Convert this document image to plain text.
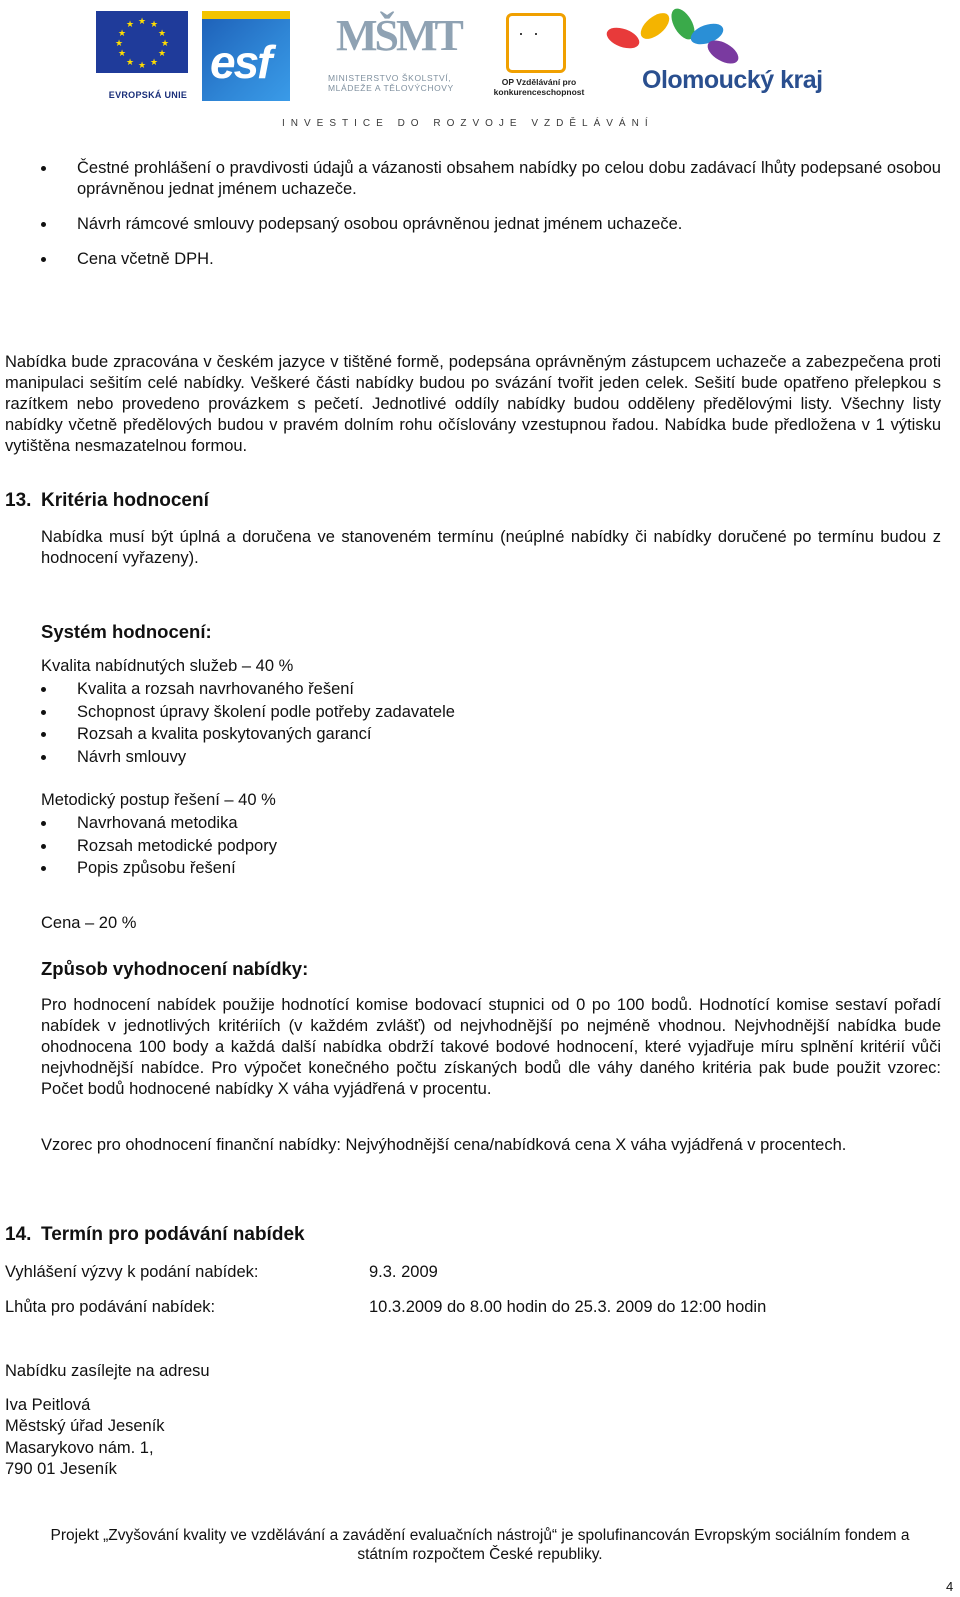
★ ★
★
★
★
★
★
★
★
★
★
★
EVROPSKÁ UNIE
esf
MŠMT
MINISTERSTVO ŠKOLSTVÍ, MLÁDEŽE A TĚLOVÝCHOVY
· ·
OP Vzdělávání pro konkurenceschopnost	Olomoucký kraj
INVESTICE DO ROZVOJE VZDĚLÁVÁNÍ
Čestné prohlášení o pravdivosti údajů a vázanosti obsahem nabídky po celou dobu zadávací lhůty podepsané osobou oprávněnou jednat jménem uchazeče.
Návrh rámcové smlouvy podepsaný osobou oprávněnou jednat jménem uchazeče.
Cena včetně DPH.
Nabídka bude zpracována v českém jazyce v tištěné formě, podepsána oprávněným zástupcem uchazeče a zabezpečena proti manipulaci sešitím celé nabídky. Veškeré části nabídky budou po svázání tvořit jeden celek. Sešití bude opatřeno přelepkou s razítkem nebo provedeno provázkem s pečetí. Jednotlivé oddíly nabídky budou odděleny předělovými listy. Všechny listy nabídky včetně předělových budou v pravém dolním rohu očíslovány vzestupnou řadou. Nabídka bude předložena v 1 výtisku vytištěna nesmazatelnou formou.
13. Kritéria hodnocení
Nabídka musí být úplná a doručena ve stanoveném termínu (neúplné nabídky či nabídky doručené po termínu budou z hodnocení vyřazeny).
Systém hodnocení:
Kvalita nabídnutých služeb – 40 %
Kvalita a rozsah navrhovaného řešení
Schopnost úpravy školení podle potřeby zadavatele
Rozsah a kvalita poskytovaných garancí
Návrh smlouvy
Metodický postup řešení – 40 %
Navrhovaná metodika
Rozsah metodické podpory
Popis způsobu řešení
Cena – 20 %
Způsob vyhodnocení nabídky:
Pro hodnocení nabídek použije hodnotící komise bodovací stupnici od 0 po 100 bodů. Hodnotící komise sestaví pořadí nabídek v jednotlivých kritériích (v každém zvlášť) od nejvhodnější po nejméně vhodnou. Nejvhodnější nabídka bude ohodnocena 100 body a každá další nabídka obdrží takové bodové hodnocení, které vyjadřuje míru splnění kritérií vůči nejvhodnější nabídce. Pro výpočet konečného počtu získaných bodů dle váhy daného kritéria pak bude použit vzorec: Počet bodů hodnocené nabídky X váha vyjádřená v procentu.
Vzorec pro ohodnocení finanční nabídky: Nejvýhodnější cena/nabídková cena X váha vyjádřená v procentech.
14. Termín pro podávání nabídek
Vyhlášení výzvy k podání nabídek:	9.3. 2009
Lhůta pro podávání nabídek:	10.3.2009 do 8.00 hodin do 25.3. 2009 do 12:00 hodin
Nabídku zasílejte na adresu
Iva Peitlová
Městský úřad Jeseník
Masarykovo nám. 1,
790 01 Jeseník
Projekt „Zvyšování kvality ve vzdělávání a zavádění evaluačních nástrojů“ je spolufinancován Evropským sociálním fondem a
státním rozpočtem České republiky.
4
